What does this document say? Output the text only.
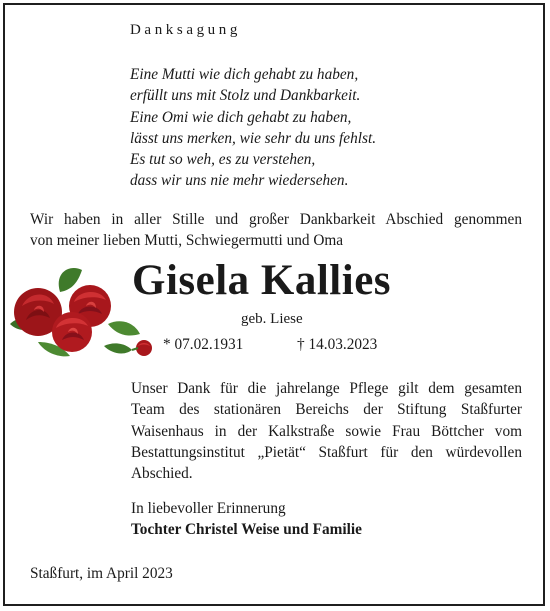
Danksagung
Eine Mutti wie dich gehabt zu haben,
erfüllt uns mit Stolz und Dankbarkeit.
Eine Omi wie dich gehabt zu haben,
lässt uns merken, wie sehr du uns fehlst.
Es tut so weh, es zu verstehen,
dass wir uns nie mehr wiedersehen.
Wir haben in aller Stille und großer Dankbarkeit Abschied genommen
von meiner lieben Mutti, Schwiegermutti und Oma
Gisela Kallies
geb. Liese
* 07.02.1931	† 14.03.2023
Unser Dank für die jahrelange Pflege gilt dem gesamten
Team des stationären Bereichs der Stiftung Staßfurter
Waisenhaus in der Kalkstraße sowie Frau Böttcher vom
Bestattungsinstitut „Pietät“ Staßfurt für den würdevollen
Abschied.
In liebevoller Erinnerung
Tochter Christel Weise und Familie
Staßfurt, im April 2023
